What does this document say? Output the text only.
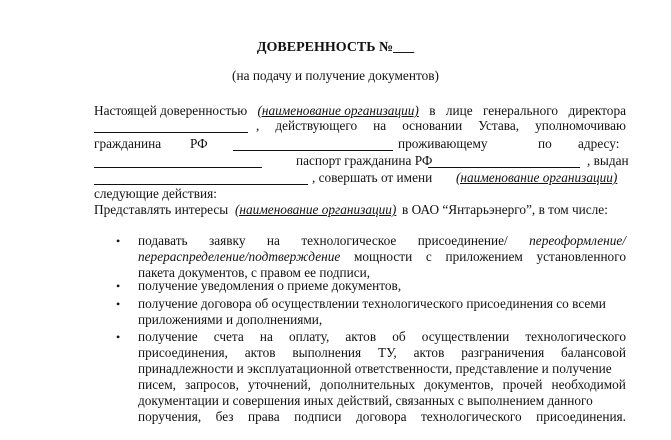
ДОВЕРЕННОСТЬ №___
(на подачу и получение документов)
Настоящей доверенностью (наименование организации) в лице генерального директора
, действующего на основании Устава, уполномочиваю
гражданина РФ	проживающему	по адресу:
паспорт гражданина РФ	, выдан
, совершать от имени (наименование организации)
следующие действия:
Представлять интересы (наименование организации) в ОАО “Янтарьэнерго”, в том числе:
• подавать заявку на технологическое присоединение/ переоформление/
перераспределение/подтверждение мощности с приложением установленного
пакета документов, с правом ее подписи,
• получение уведомления о приеме документов,
• получение договора об осуществлении технологического присоединения со всеми
приложениями и дополнениями,
• получение счета на оплату, актов об осуществлении технологического
присоединения, актов выполнения ТУ, актов разграничения балансовой
принадлежности и эксплуатационной ответственности, представление и получение
писем, запросов, уточнений, дополнительных документов, прочей необходимой
документации и совершения иных действий, связанных с выполнением данного
поручения, без права подписи договора технологического присоединения.
